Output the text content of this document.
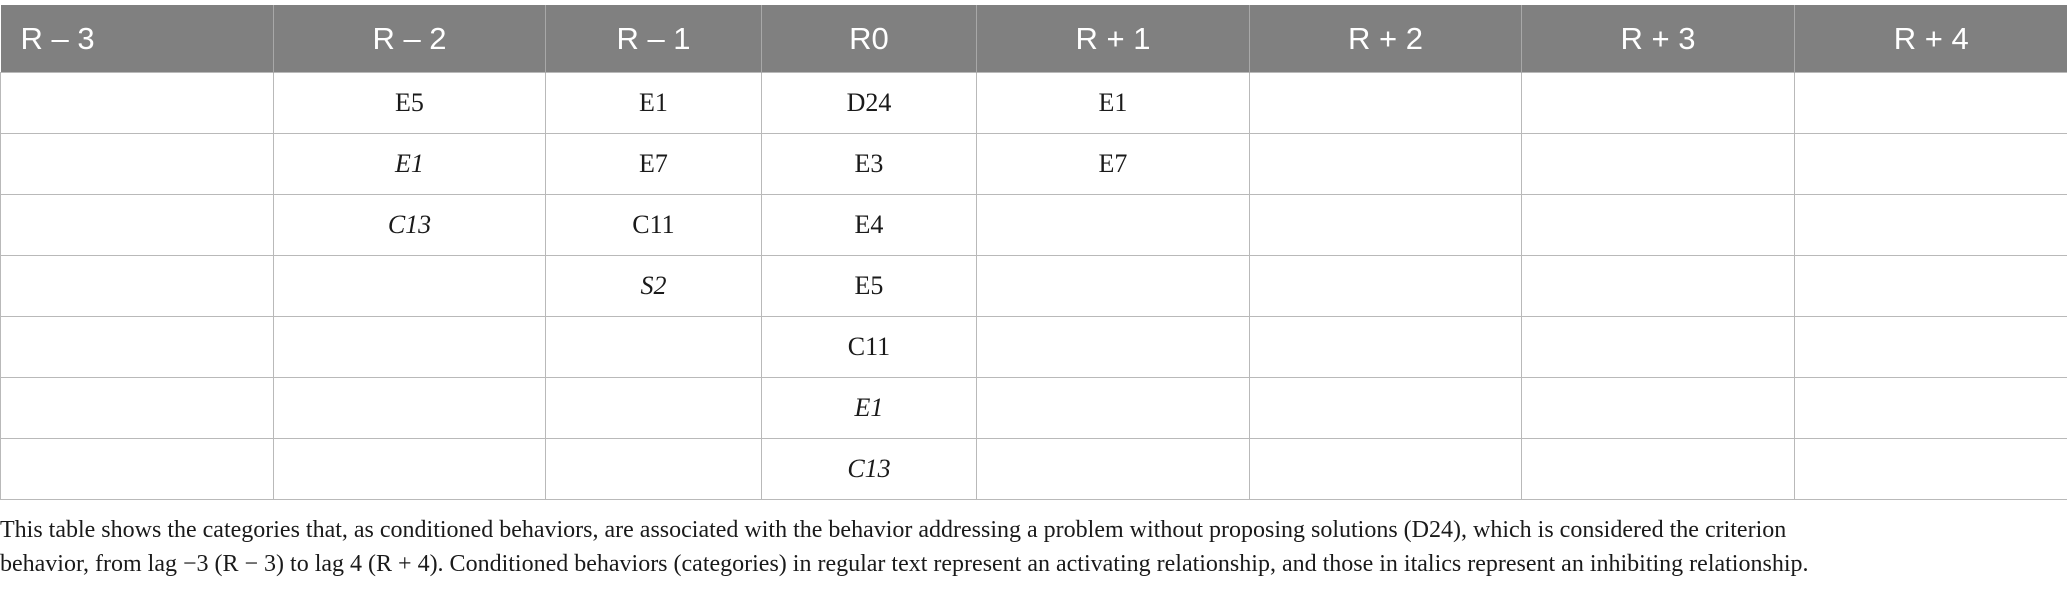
R – 3	R – 2	R – 1	R0	R + 1	R + 2	R + 3	R + 4
	E5	E1	D24	E1			
	E1	E7	E3	E7			
	C13	C11	E4				
		S2	E5				
			C11				
			E1				
			C13				
This table shows the categories that, as conditioned behaviors, are associated with the behavior addressing a problem without proposing solutions (D24), which is considered the criterion
behavior, from lag −3 (R − 3) to lag 4 (R + 4). Conditioned behaviors (categories) in regular text represent an activating relationship, and those in italics represent an inhibiting relationship.
